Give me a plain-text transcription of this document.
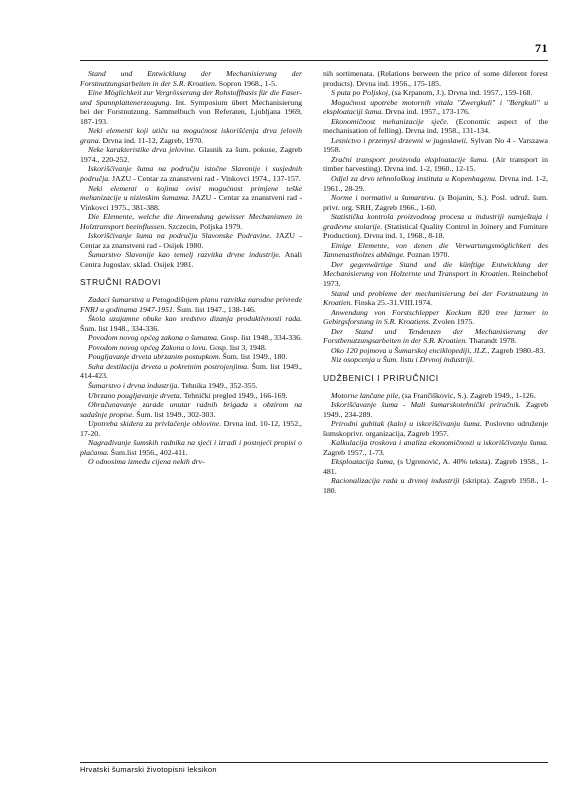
71

Stand und Entwicklung der Mechanisierung der Forstnutzungsarbeiten in der S.R. Kroatien. Sopron 1968., 1-5.

Eine Möglichkeit zur Vergrösserung der Rohstoffbasis für die Faser-und Spannplattenerzeugung. Int. Symposium übert Mechanisierung bei der Forstnutzung. Sammelbuch von Referaten, Ljubljana 1969, 187-193.

Neki elementi koji utiču na mogućnost iskorišćenja drva jelovih grana. Drvna ind. 11-12, Zagreb, 1970.

Neke karakteristike drva jelovine. Glasnik za šum. pokuse, Zagreb 1974., 220-252.

Iskorišćivanje šuma na području istočne Slavonije i susjednih područja. JAZU - Centar za znanstveni rad - Vinkovci 1974., 137-157.

Neki elementi o kojima ovisi mogućnost primjene teške mehanizacije u nizinskim šumama. JAZU - Centar za znanstveni rad - Vinkovci 1975., 381-388.

Die Elemente, welche die Anwendung gewisser Mechanismen in Holztransport beeinflussen. Szczecin, Poljska 1979.

Iskorišćivanje šuma na području Slavonske Podravine. JAZU - Centar za znanstveni rad - Osijek 1980.

Šumarstvo Slavonije kao temelj razvitka drvne industrije. Anali Centra Jugoslav. sklad. Osijek 1981.

STRUČNI RADOVI

Zadaci šumarstva u Petogodišnjem planu razvitka narodne privrede FNRJ u godinama 1947-1951. Šum. list 1947., 138-146.

Škola uzajamne obuke kao sredstvo dizanja produktivnosti rada. Šum. list 1948., 334-336.

Povodom novog općeg zakona o šumama. Gosp. list 1948., 334-336.

Povodom novog općeg Zakona o lovu. Gosp. list 3, 1948.

Pougljavanje drveta ubrzanim postupkom. Šum. list 1949., 180.

Suha destilacija drveta u pokretnim postrojenjima. Šum. list 1949., 414-423.

Šumarstvo i drvna industrija. Tehnika 1949., 352-355.

Ubrzano pougljavanje drveta. Tehnički pregled 1949., 166-169.

Obračunavanje zarade unutar radnih brigada s obzirom na sadašnje propise. Šum. list 1949., 302-303.

Upotreba skidera za privlačenje oblovine. Drvna ind. 10-12, 1952., 17-20.

Nagrađivanje šumskih radnika na sjeći i izradi i postojeći propisi o plaćama. Šum.list 1956., 402-411.

O odnosima između cijena nekih drv-

nih sortimenata. (Relations berween the price of some diferent forest products). Drvna ind. 1956., 175-185.

S puta po Poljskoj, (sa Krpanom, J.). Drvna ind. 1957., 159-168.

Mogućnost upotrebe motornih vitala "Zwergkuli" i "Bergkuli" u eksploataciji šuma. Drvna ind. 1957., 173-176.

Ekonomičnost mehanizacije sječe. (Economic aspect of the mechanisation of felling). Drvna ind. 1958., 131-134.

Lesnictvo i przemysl drzewni w jugoslawii. Sylvan No 4 - Varszawa 1958.

Zračni transport proizvoda eksploatacije šuma. (Air transport in timber harvesting). Drvna ind. 1-2, 1960., 12-15.

Odjel za drvo tehnološkog instituta u Kopenhagenu. Drvna ind. 1-2, 1961., 28-29.

Norme i normativi u šumarstvu. (s Bojanin, S.). Posl. udruž. šum. privr. org. SRH, Zagreb 1966., 1-60.

Statistička kontrola proizvodnog procesa u industriji namještaja i građevne stolarije. (Statistical Quality Control in Joinery and Furniture Production). Drvna ind. 1, 1968., 8-18.

Einige Elemente, von denen die Verwartungsmöglichkeit des Tannenastholzes abhänge. Poznan 1970.

Der gegenwärtige Stand und die künftige Entwicklung der Mechanisierung von Holzernte und Transport in Kroatien. Reinchehof 1973.

Stand und probleme der mechanisierung bei der Forstnutzung in Kroatien. Finska 25.-31.VIII.1974.

Anwendung von Forstschlepper Kockum 820 tree farmer in Gebirgsforstung in S.R. Kroatiens. Zvolen 1975.

Der Stand und Tendenzen der Mechanisierung der Forstbenutzungsarbeiten in der S.R. Kroatien. Tharandt 1978.

Oko 120 pojmova u Šumarskoj enciklopediji, JLZ., Zagreb 1980.-83.

Niz osopcenja u Šum. listu i Drvnoj industriji.

UDŽBENICI I PRIRUČNICI

Motorne lančane pile, (sa Frančiškovic, S.). Zagreb 1949., 1-126.

Iskorišćavanje šuma - Mali šumarskotehnički priručnik. Zagreb 1949., 234-289.

Prirodni gubitak (kalo) u iskorišćivanju šuma. Poslovno udruženje šumskoprivr. organizacija, Zagreb 1957.

Kalkulacija troskova i analiza ekonomičnosti u iskorišćivanju šuma. Zagreb 1957., 1-73.

Eksploatacija šuma, (s Ugrenović, A. 40% teksta). Zagreb 1958., 1-481.

Racionalizacija rada u drvnoj industriji (skripta). Zagreb 1958., 1-180.

Hrvatski šumarski životopisni leksikon
